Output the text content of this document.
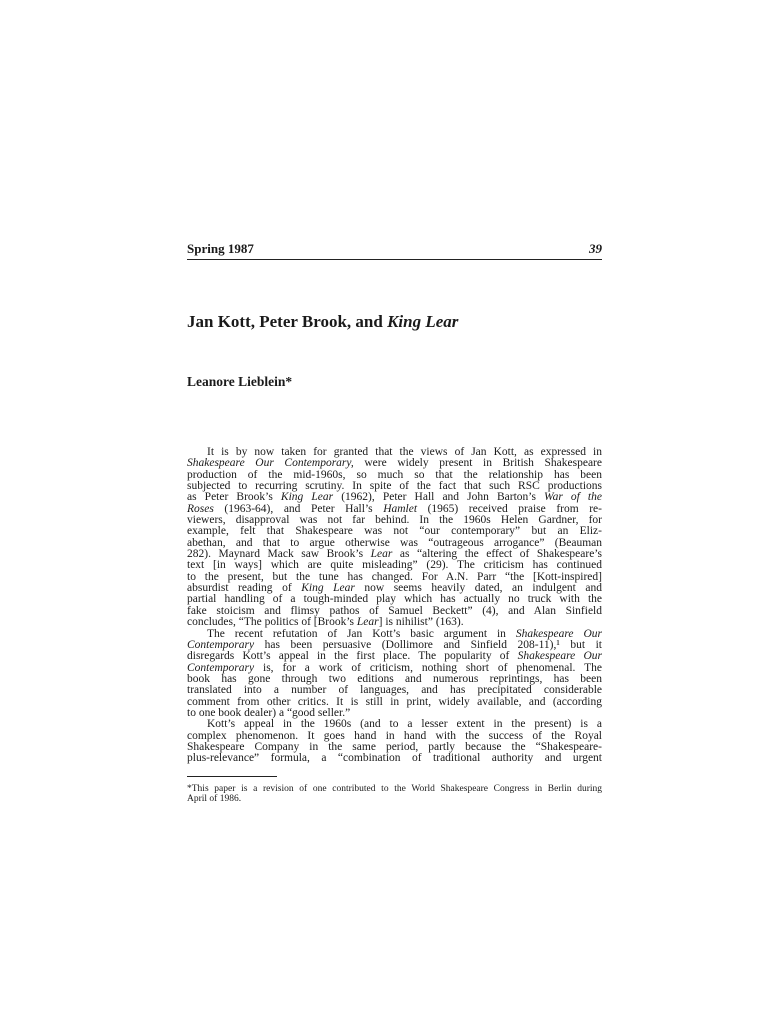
Spring 1987	39
Jan Kott, Peter Brook, and King Lear
Leanore Lieblein*
It is by now taken for granted that the views of Jan Kott, as expressed in
Shakespeare Our Contemporary, were widely present in British Shakespeare
production of the mid-1960s, so much so that the relationship has been
subjected to recurring scrutiny. In spite of the fact that such RSC productions
as Peter Brook’s King Lear (1962), Peter Hall and John Barton’s War of the
Roses (1963-64), and Peter Hall’s Hamlet (1965) received praise from re-
viewers, disapproval was not far behind. In the 1960s Helen Gardner, for
example, felt that Shakespeare was not “our contemporary” but an Eliz-
abethan, and that to argue otherwise was “outrageous arrogance” (Beauman
282). Maynard Mack saw Brook’s Lear as “altering the effect of Shakespeare’s
text [in ways] which are quite misleading” (29). The criticism has continued
to the present, but the tune has changed. For A.N. Parr “the [Kott-inspired]
absurdist reading of King Lear now seems heavily dated, an indulgent and
partial handling of a tough-minded play which has actually no truck with the
fake stoicism and flimsy pathos of Samuel Beckett” (4), and Alan Sinfield
concludes, “The politics of [Brook’s Lear] is nihilist” (163).
The recent refutation of Jan Kott’s basic argument in Shakespeare Our
Contemporary has been persuasive (Dollimore and Sinfield 208-11),¹ but it
disregards Kott’s appeal in the first place. The popularity of Shakespeare Our
Contemporary is, for a work of criticism, nothing short of phenomenal. The
book has gone through two editions and numerous reprintings, has been
translated into a number of languages, and has precipitated considerable
comment from other critics. It is still in print, widely available, and (according
to one book dealer) a “good seller.”
Kott’s appeal in the 1960s (and to a lesser extent in the present) is a
complex phenomenon. It goes hand in hand with the success of the Royal
Shakespeare Company in the same period, partly because the “Shakespeare-
plus-relevance” formula, a “combination of traditional authority and urgent
*This paper is a revision of one contributed to the World Shakespeare Congress in Berlin during
April of 1986.
